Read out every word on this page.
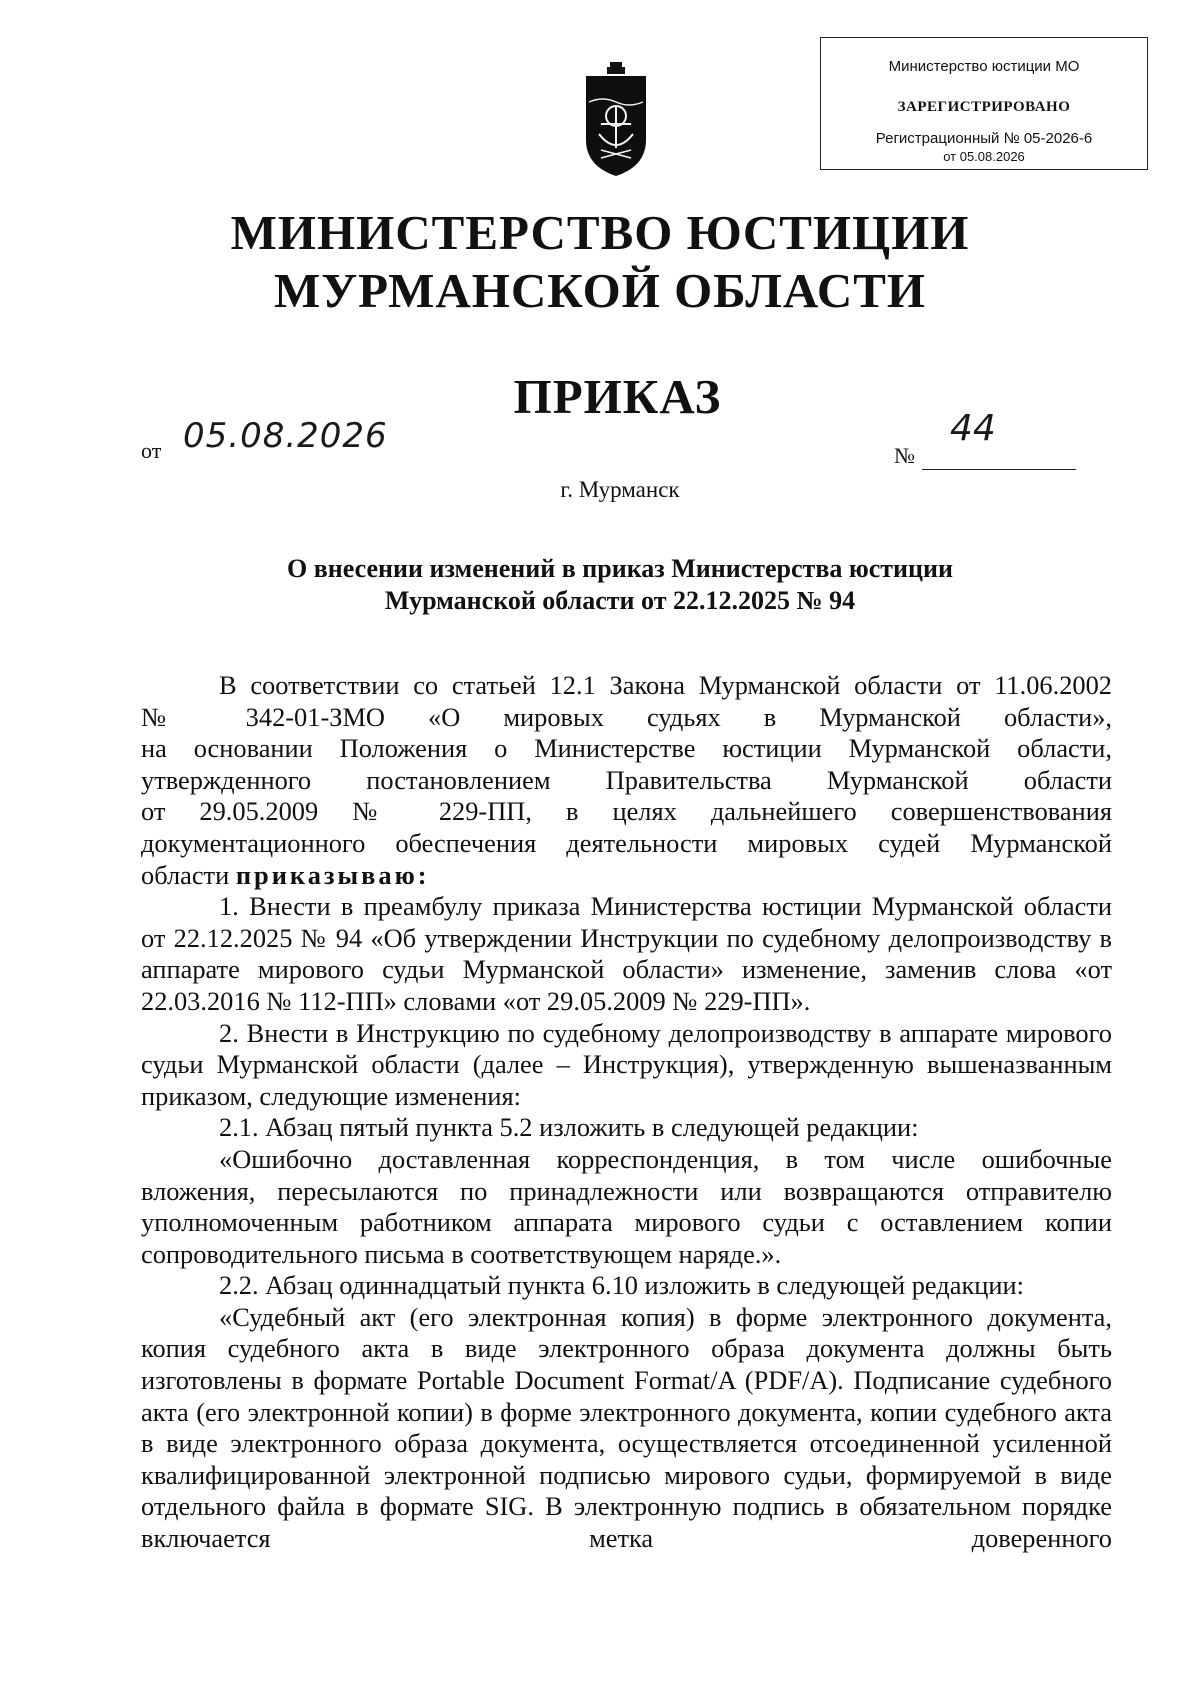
Министерство юстиции МО
ЗАРЕГИСТРИРОВАНО
Регистрационный № 05-2026-6
от 05.08.2026
МИНИСТЕРСТВО ЮСТИЦИИ
МУРМАНСКОЙ ОБЛАСТИ
ПРИКАЗ
от 05.08.2026	№
44
г. Мурманск
О внесении изменений в приказ Министерства юстиции
Мурманской области от 22.12.2025 № 94

В соответствии со статьей 12.1 Закона Мурманской области от 11.06.2002

№ 342-01-ЗМО «О мировых судьях в Мурманской области»,

на основании Положения о Министерстве юстиции Мурманской области,

утвержденного постановлением Правительства Мурманской области

от 29.05.2009 № 229-ПП, в целях дальнейшего совершенствования

документационного обеспечения деятельности мировых судей Мурманской

области приказываю:

1. Внести в преамбулу приказа Министерства юстиции Мурманской области от 22.12.2025 № 94 «Об утверждении Инструкции по судебному делопроизводству в аппарате мирового судьи Мурманской области» изменение, заменив слова «от 22.03.2016 № 112-ПП» словами «от 29.05.2009 № 229-ПП».

2. Внести в Инструкцию по судебному делопроизводству в аппарате мирового судьи Мурманской области (далее – Инструкция), утвержденную вышеназванным приказом, следующие изменения:

2.1. Абзац пятый пункта 5.2 изложить в следующей редакции:

«Ошибочно доставленная корреспонденция, в том числе ошибочные вложения, пересылаются по принадлежности или возвращаются отправителю уполномоченным работником аппарата мирового судьи с оставлением копии сопроводительного письма в соответствующем наряде.».

2.2. Абзац одиннадцатый пункта 6.10 изложить в следующей редакции:

«Судебный акт (его электронная копия) в форме электронного документа, копия судебного акта в виде электронного образа документа должны быть изготовлены в формате Portable Document Format/A (PDF/A). Подписание судебного акта (его электронной копии) в форме электронного документа, копии судебного акта в виде электронного образа документа, осуществляется отсоединенной усиленной квалифицированной электронной подписью мирового судьи, формируемой в виде отдельного файла в формате SIG. В электронную подпись в обязательном порядке включается метка доверенного
